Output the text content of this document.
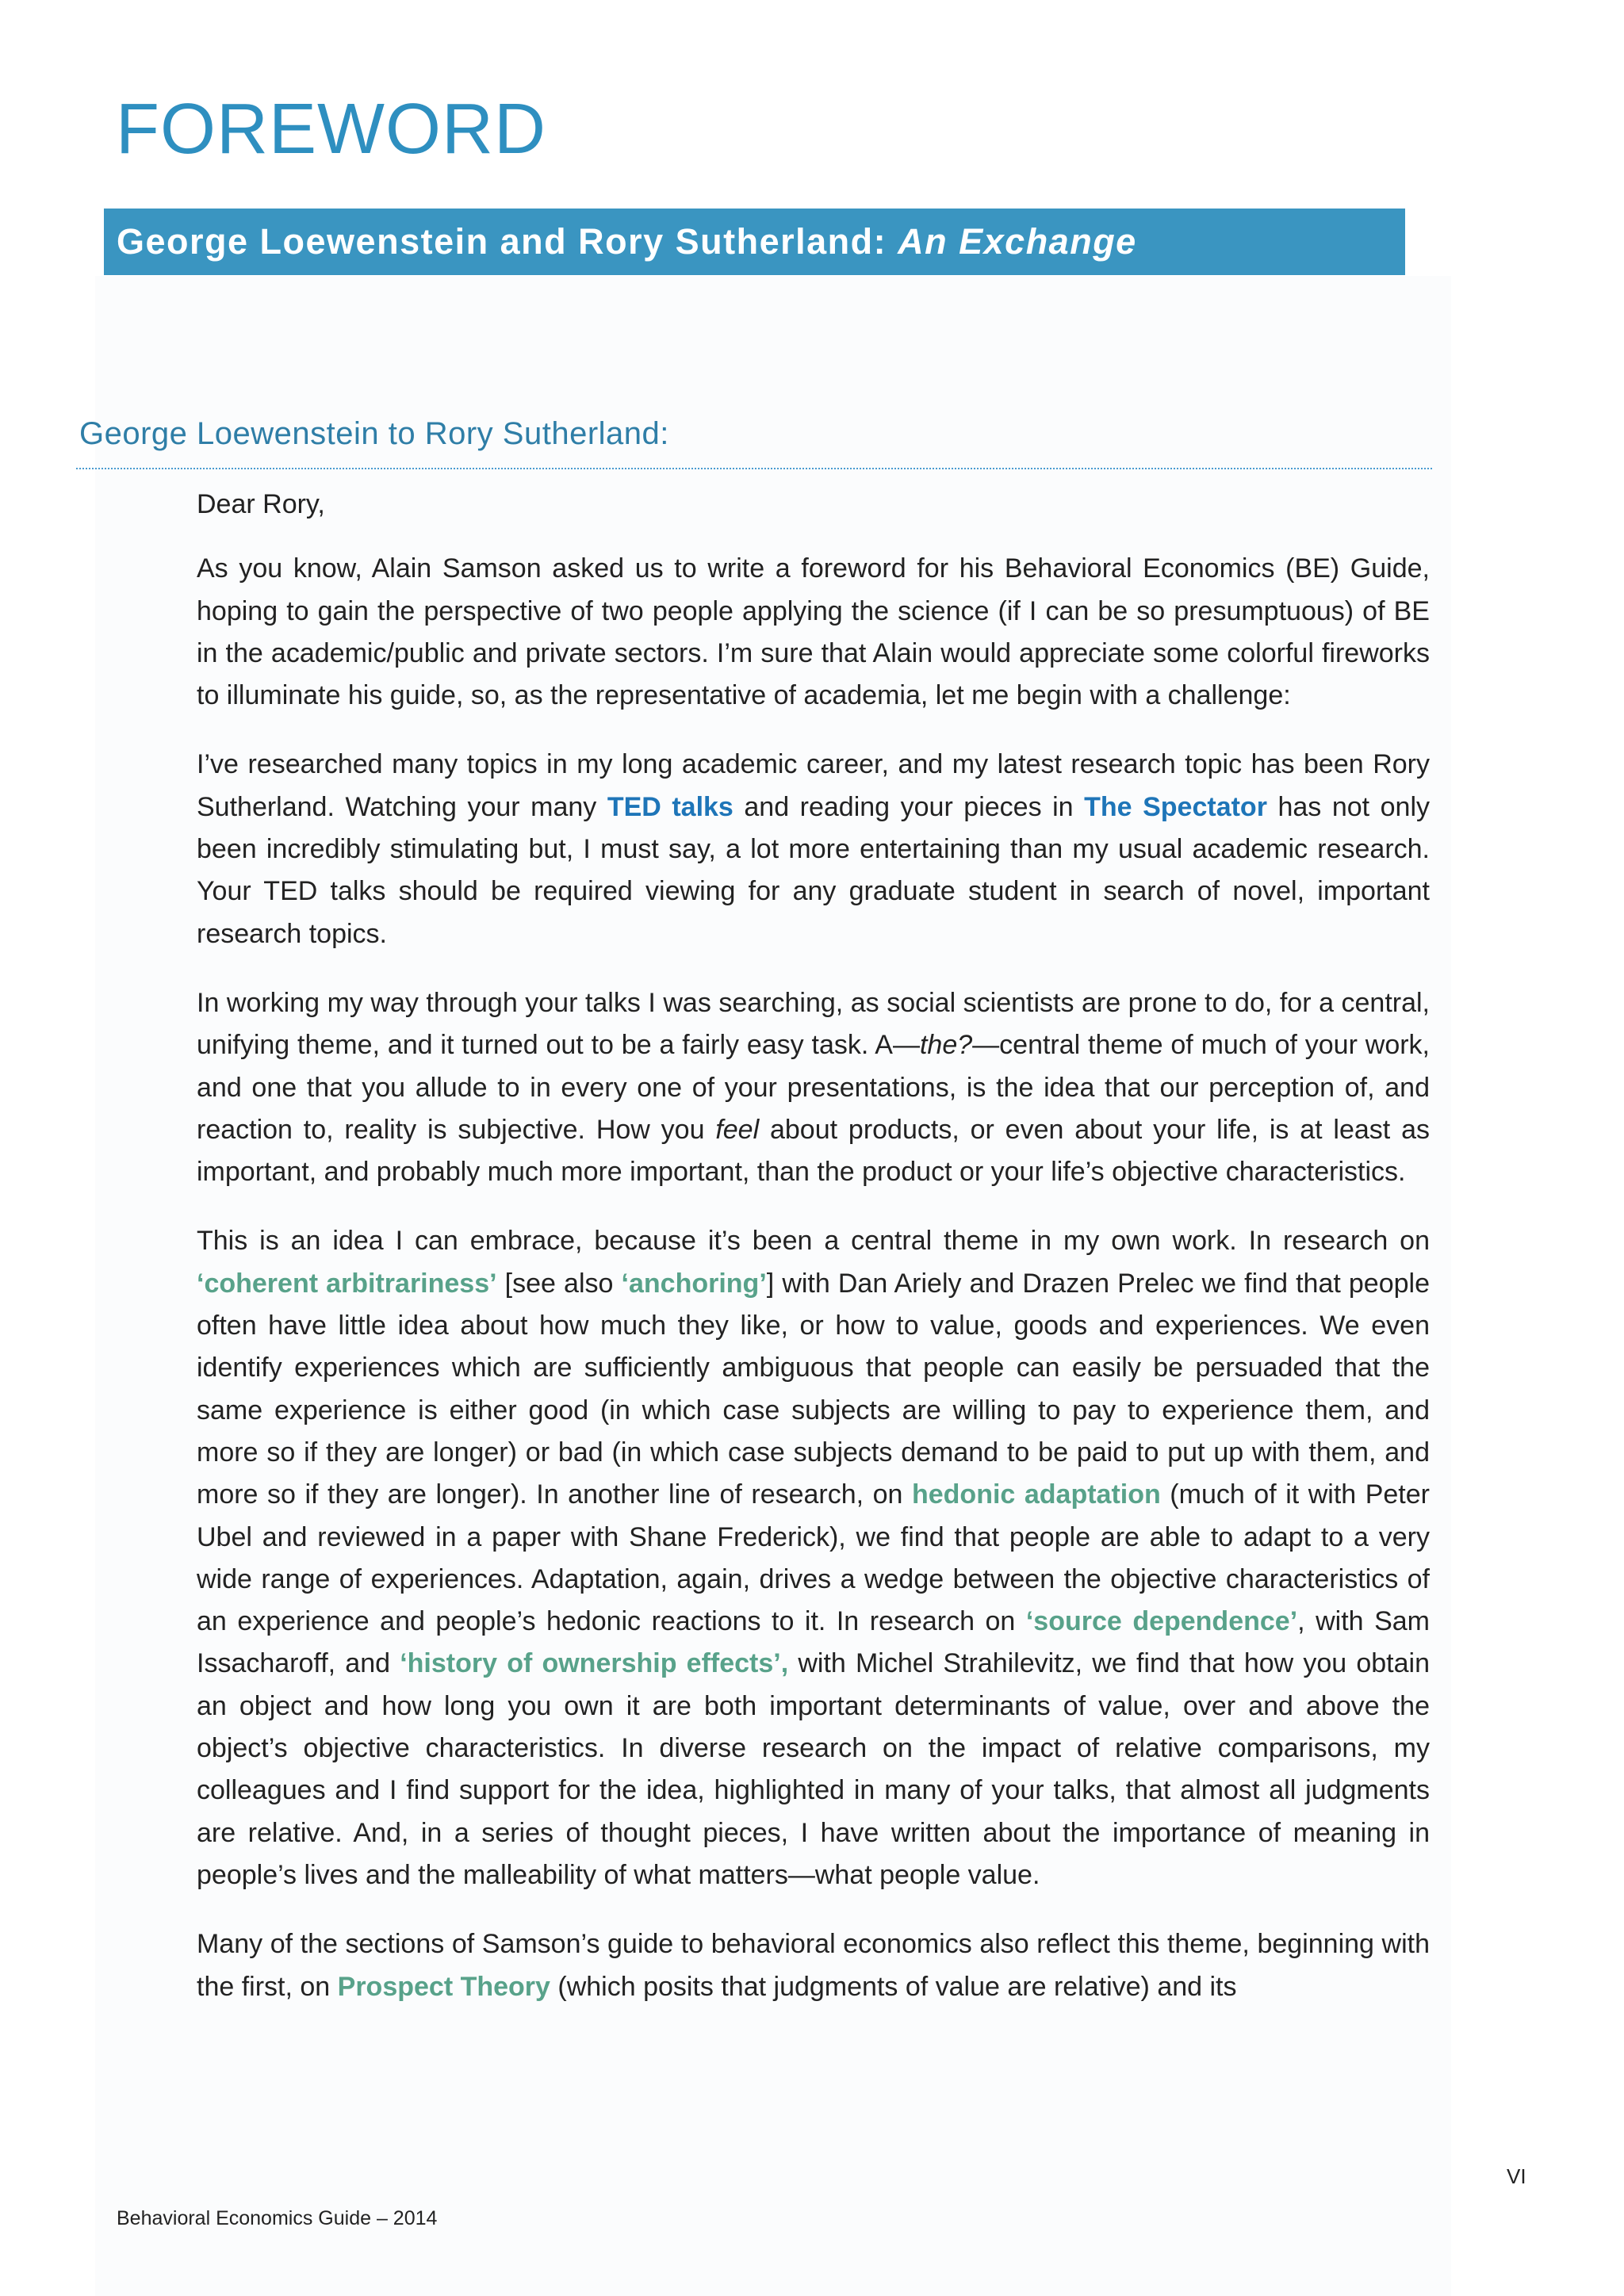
FOREWORD
George Loewenstein and Rory Sutherland: An Exchange
George Loewenstein to Rory Sutherland:

Dear Rory,

As you know, Alain Samson asked us to write a foreword for his Behavioral Economics (BE) Guide, hoping to gain the perspective of two people applying the science (if I can be so presumptuous) of BE in the academic/public and private sectors. I’m sure that Alain would appreciate some colorful fireworks to illuminate his guide, so, as the representative of academia, let me begin with a challenge:

I’ve researched many topics in my long academic career, and my latest research topic has been Rory Sutherland. Watching your many TED talks and reading your pieces in The Spectator has not only been incredibly stimulating but, I must say, a lot more entertaining than my usual academic research. Your TED talks should be required viewing for any graduate student in search of novel, important research topics.

In working my way through your talks I was searching, as social scientists are prone to do, for a central, unifying theme, and it turned out to be a fairly easy task. A—the?—central theme of much of your work, and one that you allude to in every one of your presentations, is the idea that our perception of, and reaction to, reality is subjective. How you feel about products, or even about your life, is at least as important, and probably much more important, than the product or your life’s objective characteristics.

This is an idea I can embrace, because it’s been a central theme in my own work. In research on ‘coherent arbitrariness’ [see also ‘anchoring’] with Dan Ariely and Drazen Prelec we find that people often have little idea about how much they like, or how to value, goods and experiences. We even identify experiences which are sufficiently ambiguous that people can easily be persuaded that the same experience is either good (in which case subjects are willing to pay to experience them, and more so if they are longer) or bad (in which case subjects demand to be paid to put up with them, and more so if they are longer). In another line of research, on hedonic adaptation (much of it with Peter Ubel and reviewed in a paper with Shane Frederick), we find that people are able to adapt to a very wide range of experiences. Adaptation, again, drives a wedge between the objective characteristics of an experience and people’s hedonic reactions to it. In research on ‘source dependence’, with Sam Issacharoff, and ‘history of ownership effects’, with Michel Strahilevitz, we find that how you obtain an object and how long you own it are both important determinants of value, over and above the object’s objective characteristics. In diverse research on the impact of relative comparisons, my colleagues and I find support for the idea, highlighted in many of your talks, that almost all judgments are relative. And, in a series of thought pieces, I have written about the importance of meaning in people’s lives and the malleability of what matters—what people value.

Many of the sections of Samson’s guide to behavioral economics also reflect this theme, beginning with the first, on Prospect Theory (which posits that judgments of value are relative) and its

VI
Behavioral Economics Guide – 2014
